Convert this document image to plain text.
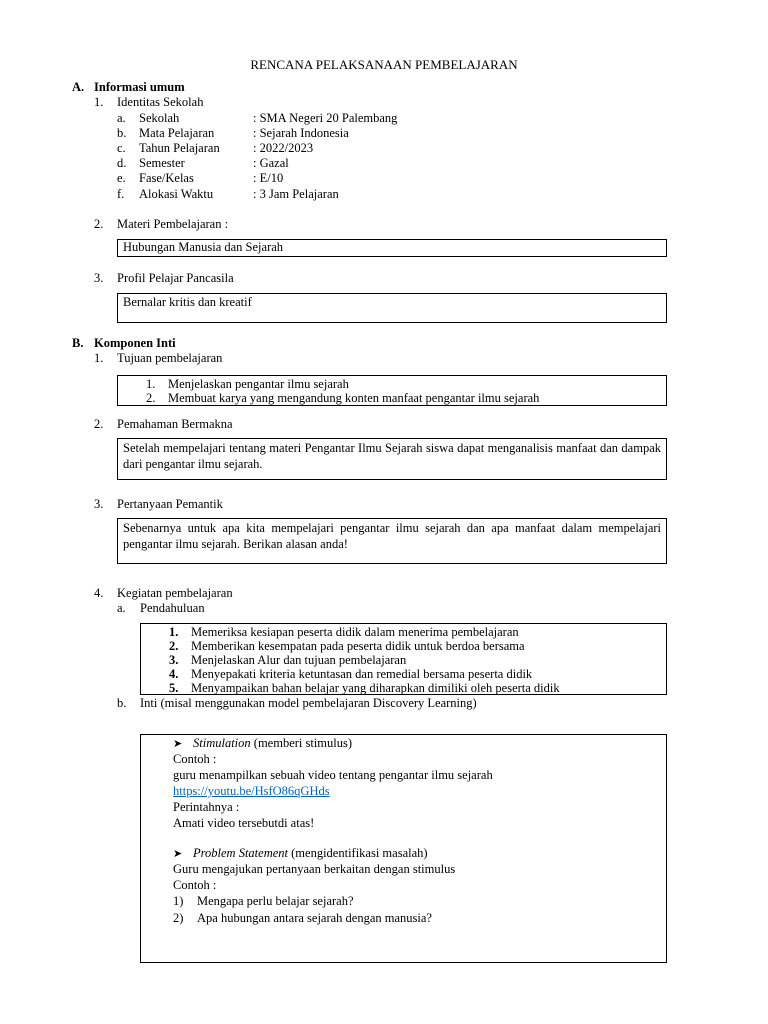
RENCANA PELAKSANAAN PEMBELAJARAN
A. Informasi umum
1. Identitas Sekolah
a. Sekolah	: SMA Negeri 20 Palembang
b. Mata Pelajaran	: Sejarah Indonesia
c. Tahun Pelajaran	: 2022/2023
d. Semester	: Gazal
e. Fase/Kelas	: E/10
f. Alokasi Waktu	: 3 Jam Pelajaran
2. Materi Pembelajaran :
Hubungan Manusia dan Sejarah
3. Profil Pelajar Pancasila
Bernalar kritis dan kreatif
B. Komponen Inti
1. Tujuan pembelajaran
1. Menjelaskan pengantar ilmu sejarah
2. Membuat karya yang mengandung konten manfaat pengantar ilmu sejarah
2. Pemahaman Bermakna
Setelah mempelajari tentang materi Pengantar Ilmu Sejarah siswa dapat menganalisis manfaat dan dampak dari pengantar ilmu sejarah.
3. Pertanyaan Pemantik
Sebenarnya untuk apa kita mempelajari pengantar ilmu sejarah dan apa manfaat dalam mempelajari pengantar ilmu sejarah. Berikan alasan anda!
4. Kegiatan pembelajaran
a. Pendahuluan
1. Memeriksa kesiapan peserta didik dalam menerima pembelajaran
2. Memberikan kesempatan pada peserta didik untuk berdoa bersama
3. Menjelaskan Alur dan tujuan pembelajaran
4. Menyepakati kriteria ketuntasan dan remedial bersama peserta didik
5. Menyampaikan bahan belajar yang diharapkan dimiliki oleh peserta didik
b. Inti (misal menggunakan model pembelajaran Discovery Learning)
➤ Stimulation (memberi stimulus)
Contoh :
guru menampilkan sebuah video tentang pengantar ilmu sejarah
https://youtu.be/HsfO86qGHds
Perintahnya :
Amati video tersebutdi atas!
➤ Problem Statement (mengidentifikasi masalah)
Guru mengajukan pertanyaan berkaitan dengan stimulus
Contoh :
1) Mengapa perlu belajar sejarah?
2) Apa hubungan antara sejarah dengan manusia?
